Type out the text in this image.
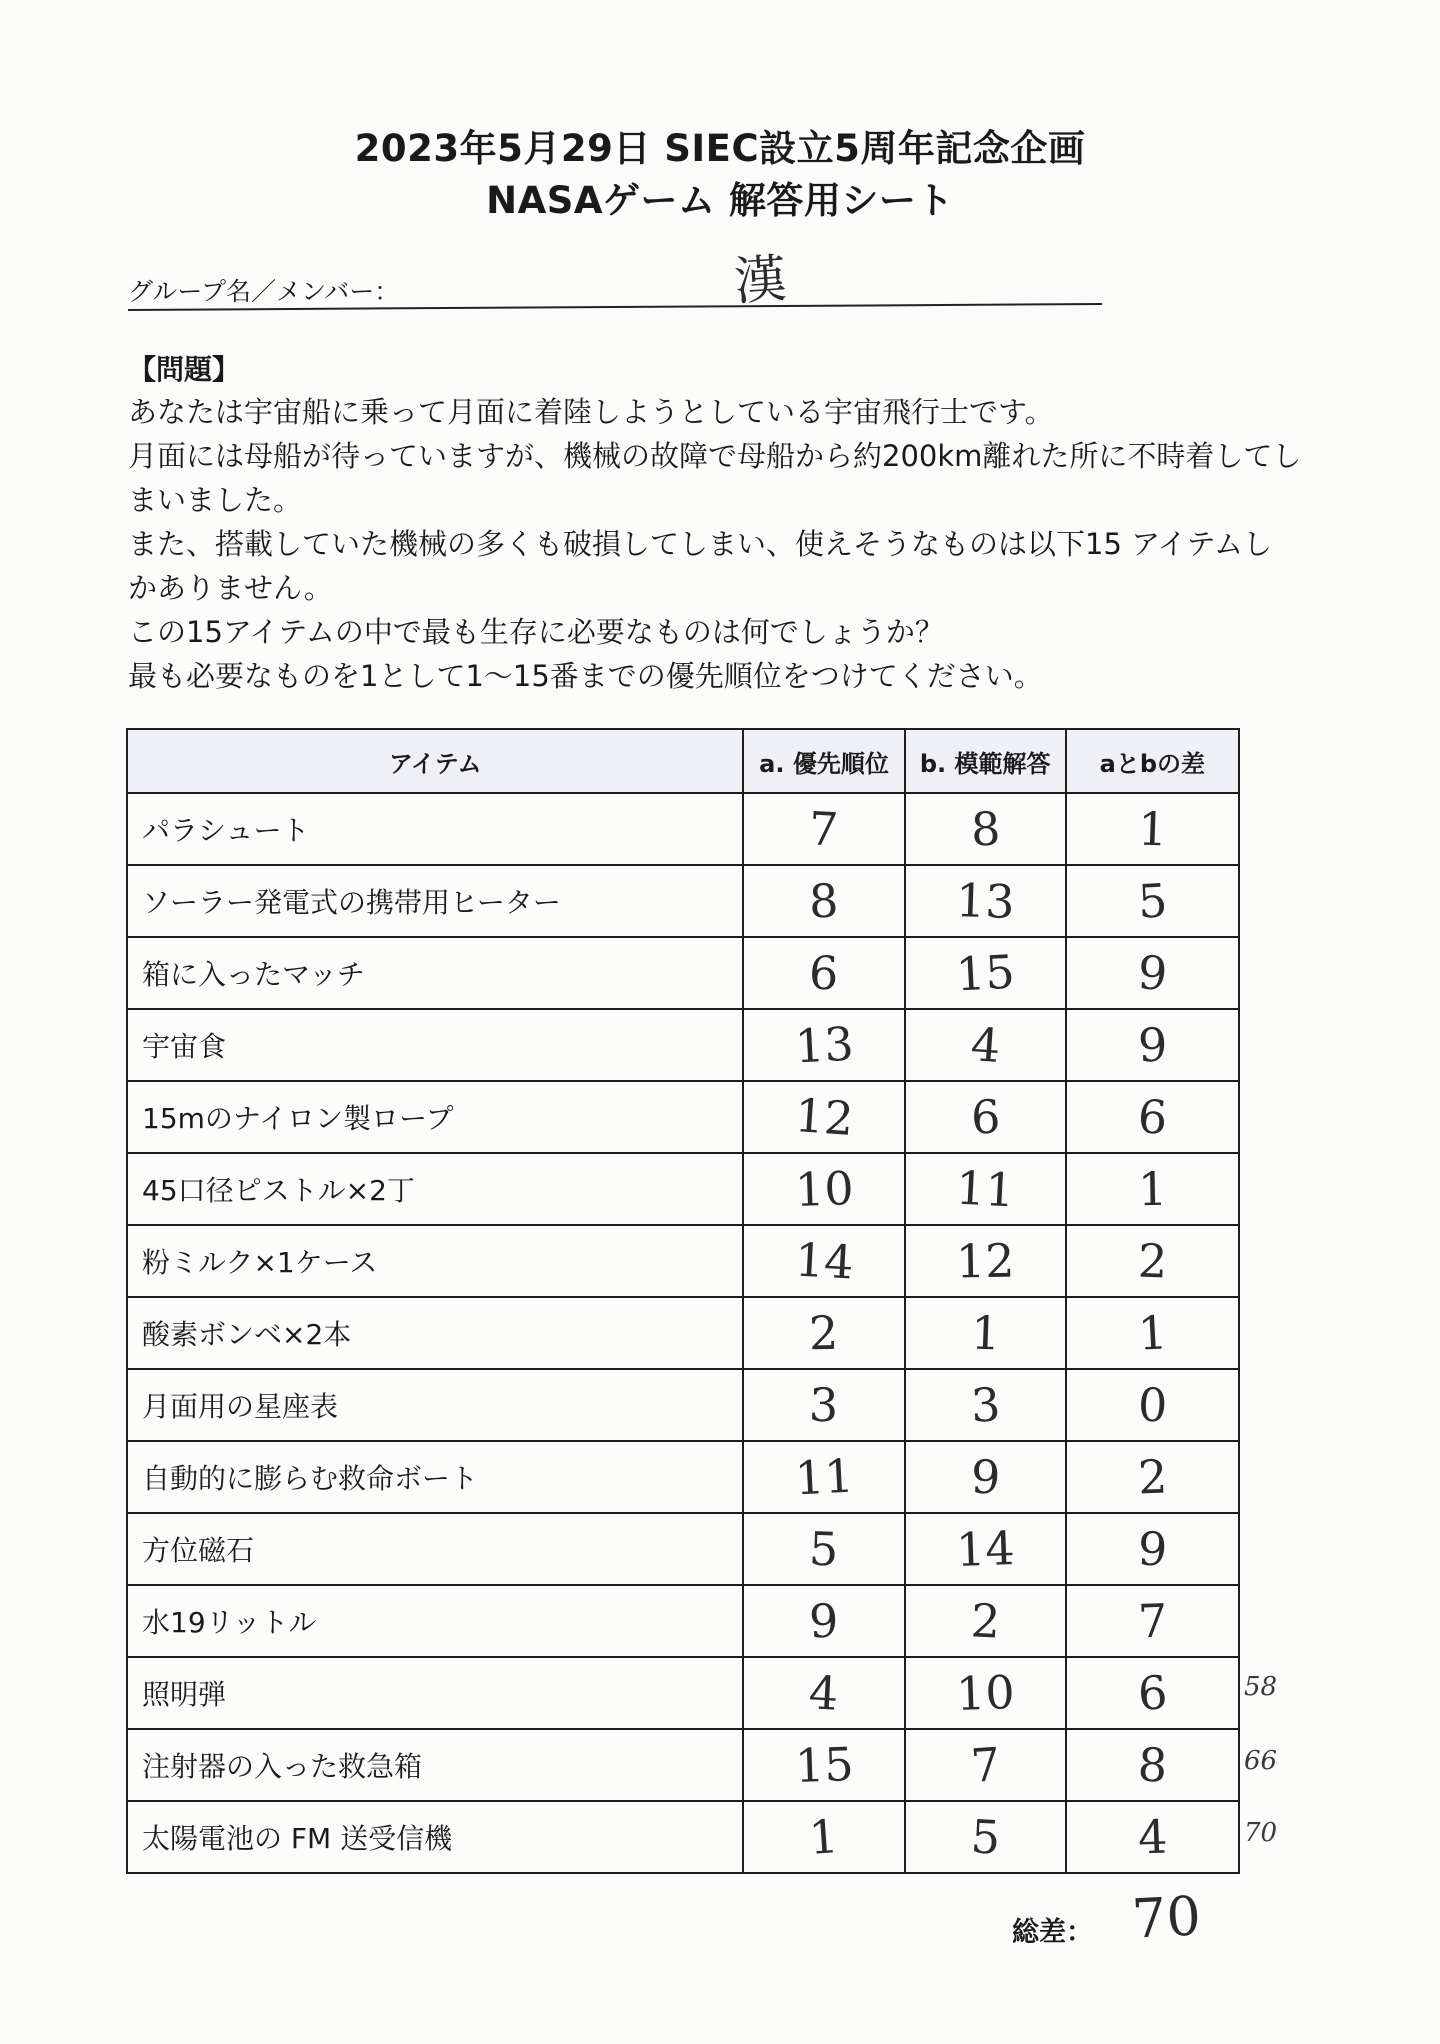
2023年5月29日 SIEC設立5周年記念企画
NASAゲーム 解答用シート
グループ名／メンバー：	漢
【問題】

あなたは宇宙船に乗って月面に着陸しようとしている宇宙飛行士です。

月面には母船が待っていますが、機械の故障で母船から約200km離れた所に不時着してし

まいました。

また、搭載していた機械の多くも破損してしまい、使えそうなものは以下15 アイテムし

かありません。

この15アイテムの中で最も生存に必要なものは何でしょうか？

最も必要なものを1として1～15番までの優先順位をつけてください。

アイテム	a. 優先順位	b. 模範解答	aとbの差
パラシュート	7	8	1
ソーラー発電式の携帯用ヒーター	8	13	5
箱に入ったマッチ	6	15	9
宇宙食	13	4	9
15mのナイロン製ロープ	12	6	6
45口径ピストル×2丁	10	11	1
粉ミルク×1ケース	14	12	2
酸素ボンベ×2本	2	1	1
月面用の星座表	3	3	0
自動的に膨らむ救命ボート	11	9	2
方位磁石	5	14	9
水19リットル	9	2	7
照明弾	4	10	6
注射器の入った救急箱	15	7	8
太陽電池の FM 送受信機	1	5	4
58
66
70
総差： 70
